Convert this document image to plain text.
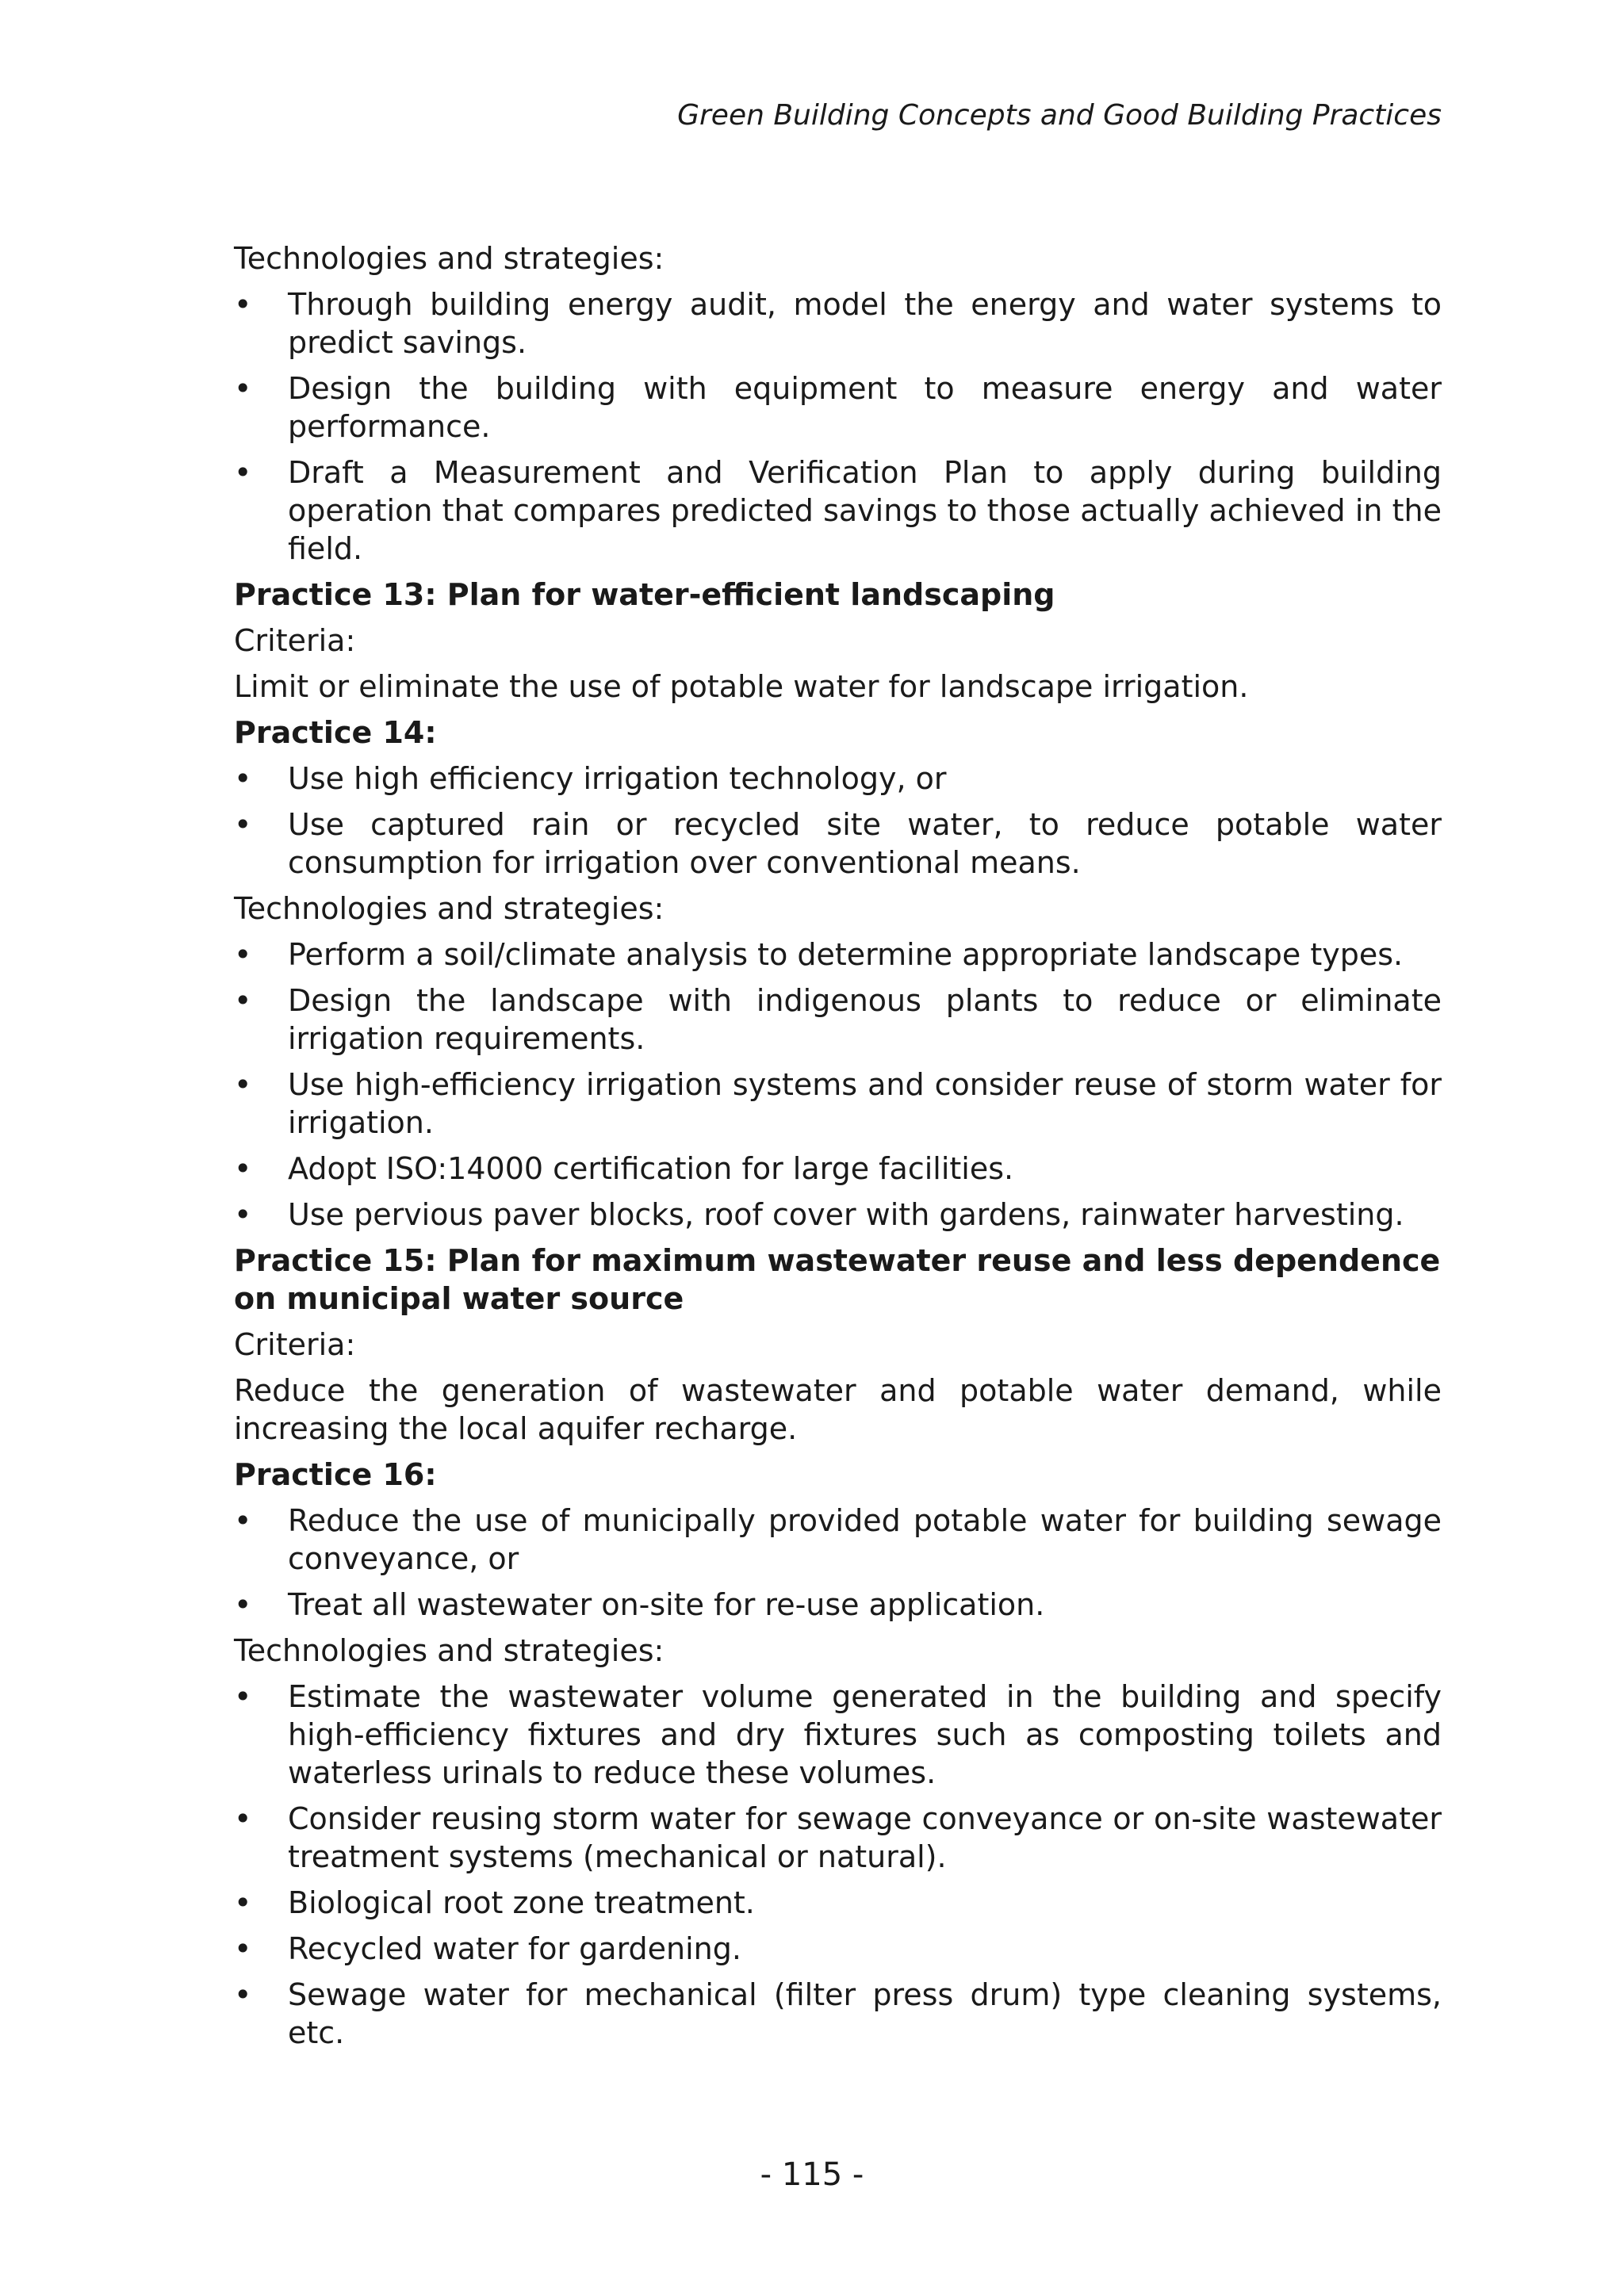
Green Building Concepts and Good Building Practices
Technologies and strategies:
• Through building energy audit, model the energy and water systems to predict savings.
• Design the building with equipment to measure energy and water performance.
• Draft a Measurement and Verification Plan to apply during building operation that compares predicted savings to those actually achieved in the field.
Practice 13: Plan for water-efficient landscaping
Criteria:
Limit or eliminate the use of potable water for landscape irrigation.
Practice 14:
• Use high efficiency irrigation technology, or
• Use captured rain or recycled site water, to reduce potable water consumption for irrigation over conventional means.
Technologies and strategies:
• Perform a soil/climate analysis to determine appropriate landscape types.
• Design the landscape with indigenous plants to reduce or eliminate irrigation requirements.
• Use high-efficiency irrigation systems and consider reuse of storm water for irrigation.
• Adopt ISO:14000 certification for large facilities.
• Use pervious paver blocks, roof cover with gardens, rainwater harvesting.
Practice 15: Plan for maximum wastewater reuse and less dependence on municipal water source
Criteria:
Reduce the generation of wastewater and potable water demand, while increasing the local aquifer recharge.
Practice 16:
• Reduce the use of municipally provided potable water for building sewage conveyance, or
• Treat all wastewater on-site for re-use application.
Technologies and strategies:
• Estimate the wastewater volume generated in the building and specify high-efficiency fixtures and dry fixtures such as composting toilets and waterless urinals to reduce these volumes.
• Consider reusing storm water for sewage conveyance or on-site wastewater treatment systems (mechanical or natural).
• Biological root zone treatment.
• Recycled water for gardening.
• Sewage water for mechanical (filter press drum) type cleaning systems, etc.
- 115 -
